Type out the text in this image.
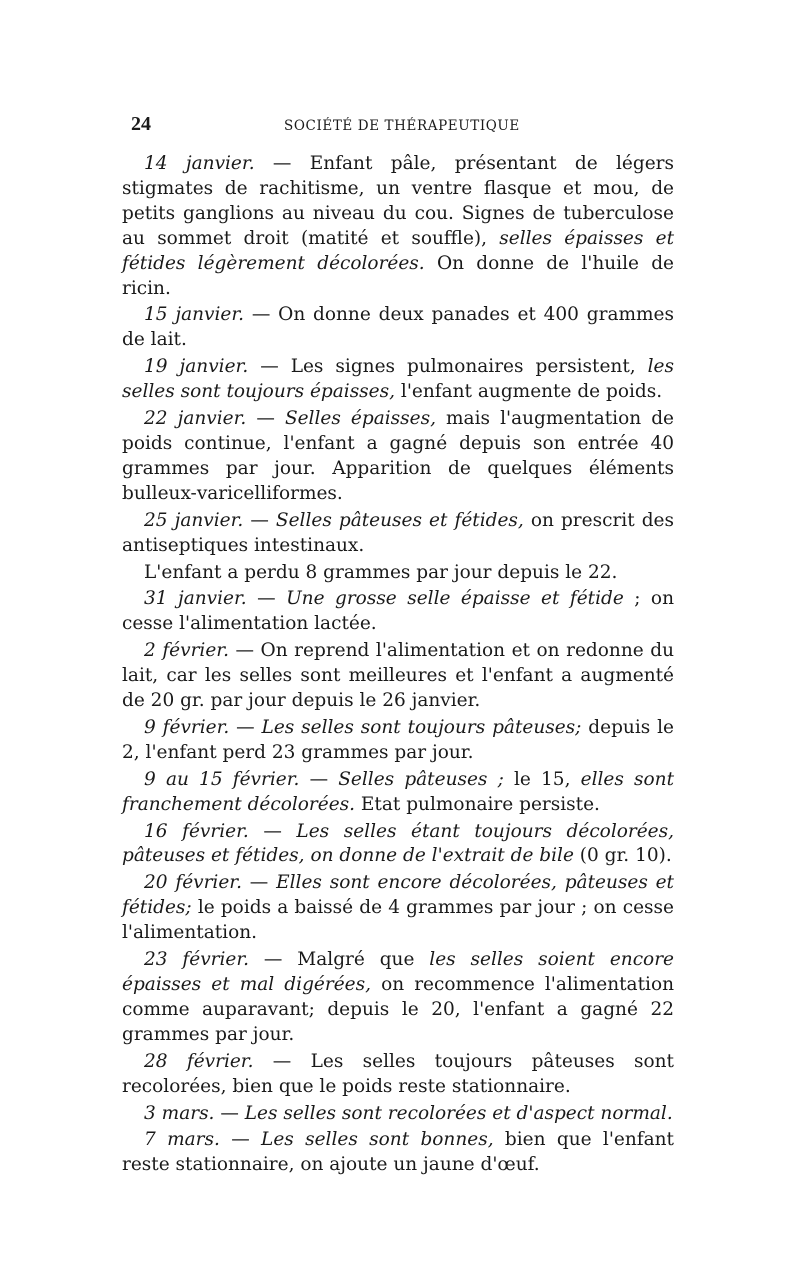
24	SOCIÉTÉ DE THÉRAPEUTIQUE

14 janvier. — Enfant pâle, présentant de légers stigmates de rachitisme, un ventre flasque et mou, de petits ganglions au niveau du cou. Signes de tuberculose au sommet droit (matité et souffle), selles épaisses et fétides légèrement décolorées. On donne de l'huile de ricin.

15 janvier. — On donne deux panades et 400 grammes de lait.

19 janvier. — Les signes pulmonaires persistent, les selles sont toujours épaisses, l'enfant augmente de poids.

22 janvier. — Selles épaisses, mais l'augmentation de poids continue, l'enfant a gagné depuis son entrée 40 grammes par jour. Apparition de quelques éléments bulleux-varicelliformes.

25 janvier. — Selles pâteuses et fétides, on prescrit des antiseptiques intestinaux.

L'enfant a perdu 8 grammes par jour depuis le 22.

31 janvier. — Une grosse selle épaisse et fétide ; on cesse l'alimentation lactée.

2 février. — On reprend l'alimentation et on redonne du lait, car les selles sont meilleures et l'enfant a augmenté de 20 gr. par jour depuis le 26 janvier.

9 février. — Les selles sont toujours pâteuses; depuis le 2, l'enfant perd 23 grammes par jour.

9 au 15 février. — Selles pâteuses ; le 15, elles sont franchement décolorées. Etat pulmonaire persiste.

16 février. — Les selles étant toujours décolorées, pâteuses et fétides, on donne de l'extrait de bile (0 gr. 10).

20 février. — Elles sont encore décolorées, pâteuses et fétides; le poids a baissé de 4 grammes par jour ; on cesse l'alimentation.

23 février. — Malgré que les selles soient encore épaisses et mal digérées, on recommence l'alimentation comme auparavant; depuis le 20, l'enfant a gagné 22 grammes par jour.

28 février. — Les selles toujours pâteuses sont recolorées, bien que le poids reste stationnaire.

3 mars. — Les selles sont recolorées et d'aspect normal.

7 mars. — Les selles sont bonnes, bien que l'enfant reste stationnaire, on ajoute un jaune d'œuf.
